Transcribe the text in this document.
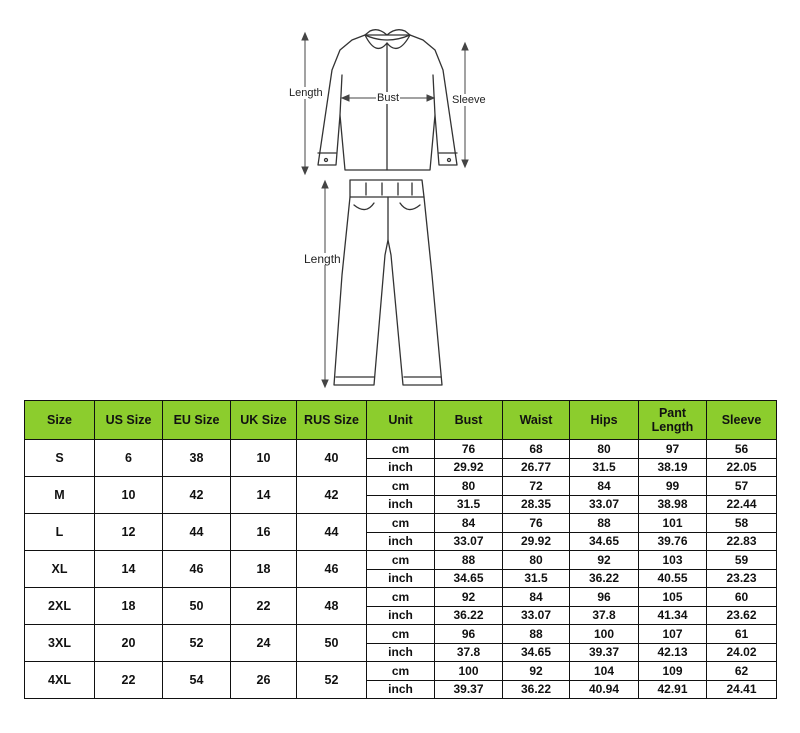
Length	Bust	Sleeve
Length
Size	US Size	EU Size	UK Size	RUS Size	Unit	Bust	Waist	Hips	Pant Length	Sleeve
S	6	38	10	40	cm	76	68	80	97	56
					inch	29.92	26.77	31.5	38.19	22.05
M	10	42	14	42	cm	80	72	84	99	57
					inch	31.5	28.35	33.07	38.98	22.44
L	12	44	16	44	cm	84	76	88	101	58
					inch	33.07	29.92	34.65	39.76	22.83
XL	14	46	18	46	cm	88	80	92	103	59
					inch	34.65	31.5	36.22	40.55	23.23
2XL	18	50	22	48	cm	92	84	96	105	60
					inch	36.22	33.07	37.8	41.34	23.62
3XL	20	52	24	50	cm	96	88	100	107	61
					inch	37.8	34.65	39.37	42.13	24.02
4XL	22	54	26	52	cm	100	92	104	109	62
					inch	39.37	36.22	40.94	42.91	24.41
